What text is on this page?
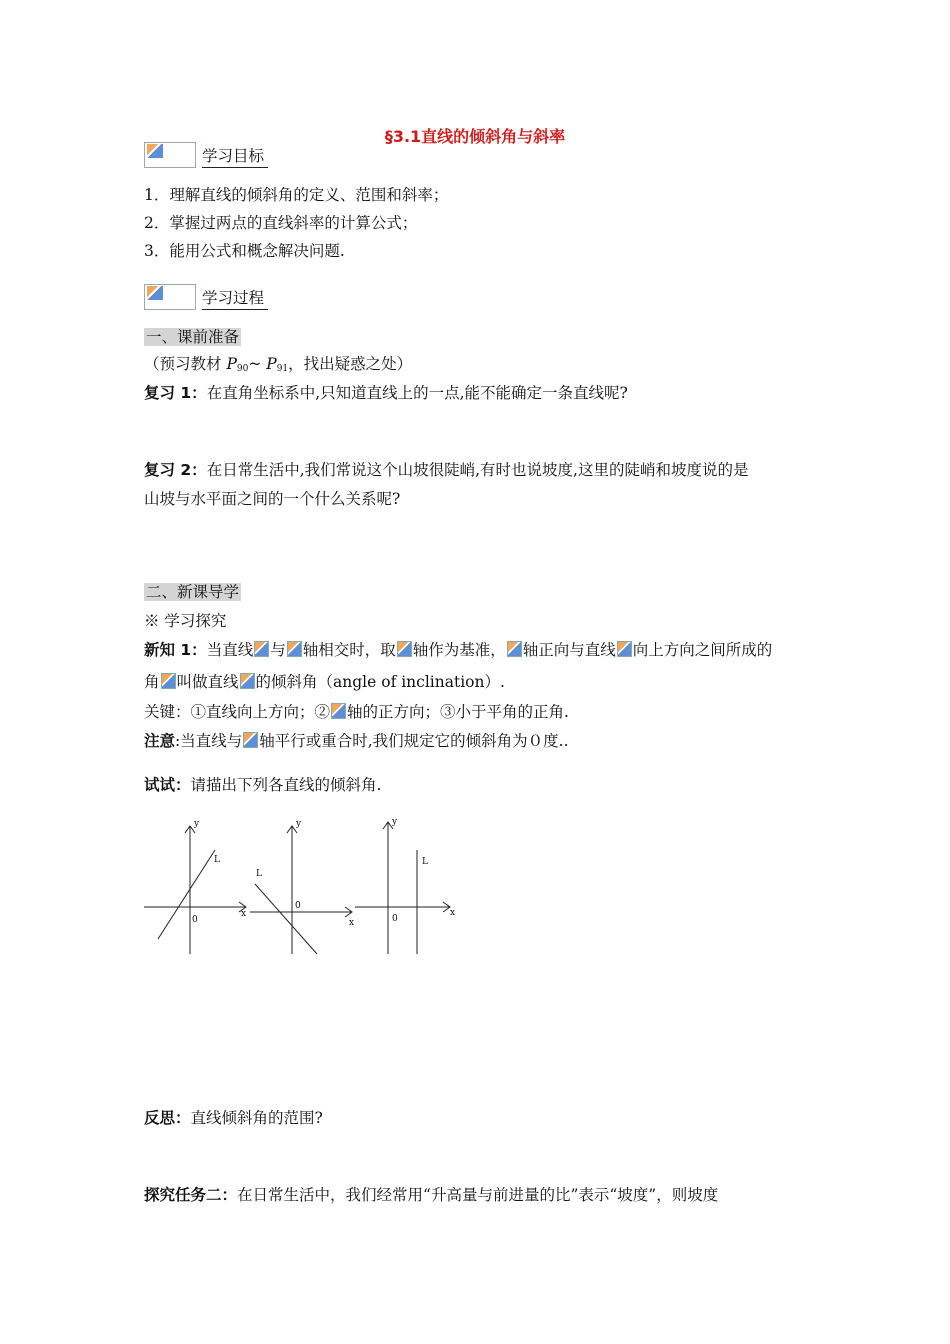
§3.1直线的倾斜角与斜率
学习目标
1．理解直线的倾斜角的定义、范围和斜率；
2．掌握过两点的直线斜率的计算公式；
3．能用公式和概念解决问题.
学习过程
一、课前准备
（预习教材 $P_{90}\sim$ $P_{91}$，找出疑惑之处）
复习 1：在直角坐标系中,只知道直线上的一点,能不能确定一条直线呢?
复习 2：在日常生活中,我们常说这个山坡很陡峭,有时也说坡度,这里的陡峭和坡度说的是
山坡与水平面之间的一个什么关系呢?
二、新课导学
※ 学习探究
新知 1：当直线 与 轴相交时，取 轴作为基准， 轴正向与直线 向上方向之间所成的
角 叫做直线 的倾斜角（angle of inclination）.
关键：①直线向上方向；② 轴的正方向；③小于平角的正角.
注意:当直线与 轴平行或重合时,我们规定它的倾斜角为０度..
试试：请描出下列各直线的倾斜角.
y
x
L
0
y
x
L
0
y
x
L
0
反思：直线倾斜角的范围?
探究任务二：在日常生活中，我们经常用“升高量与前进量的比”表示“坡度”，则坡度
